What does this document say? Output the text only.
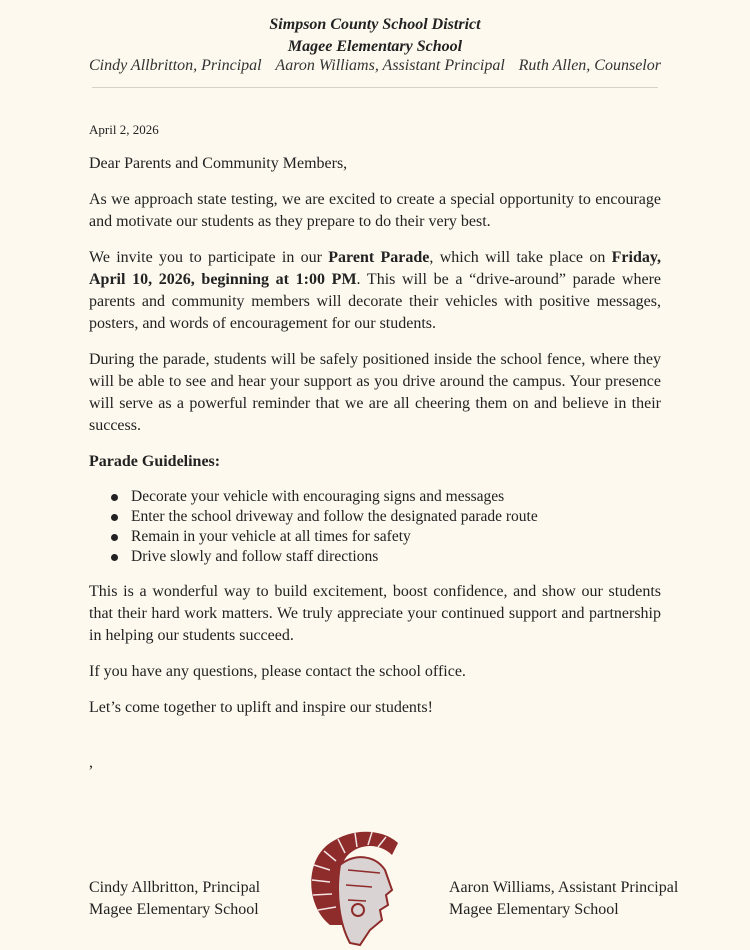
Simpson County School District
Magee Elementary School
Cindy Allbritton, Principal Aaron Williams, Assistant Principal Ruth Allen, Counselor

April 2, 2026

Dear Parents and Community Members,

As we approach state testing, we are excited to create a special opportunity to encourage and motivate our students as they prepare to do their very best.

We invite you to participate in our Parent Parade, which will take place on Friday, April 10, 2026, beginning at 1:00 PM. This will be a “drive-around” parade where parents and community members will decorate their vehicles with positive messages, posters, and words of encouragement for our students.

During the parade, students will be safely positioned inside the school fence, where they will be able to see and hear your support as you drive around the campus. Your presence will serve as a powerful reminder that we are all cheering them on and believe in their success.

Parade Guidelines:

Decorate your vehicle with encouraging signs and messages
Enter the school driveway and follow the designated parade route
Remain in your vehicle at all times for safety
Drive slowly and follow staff directions

This is a wonderful way to build excitement, boost confidence, and show our students that their hard work matters. We truly appreciate your continued support and partnership in helping our students succeed.

If you have any questions, please contact the school office.

Let’s come together to uplift and inspire our students!

,

Cindy Allbritton, Principal
Magee Elementary School
Aaron Williams, Assistant Principal
Magee Elementary School
